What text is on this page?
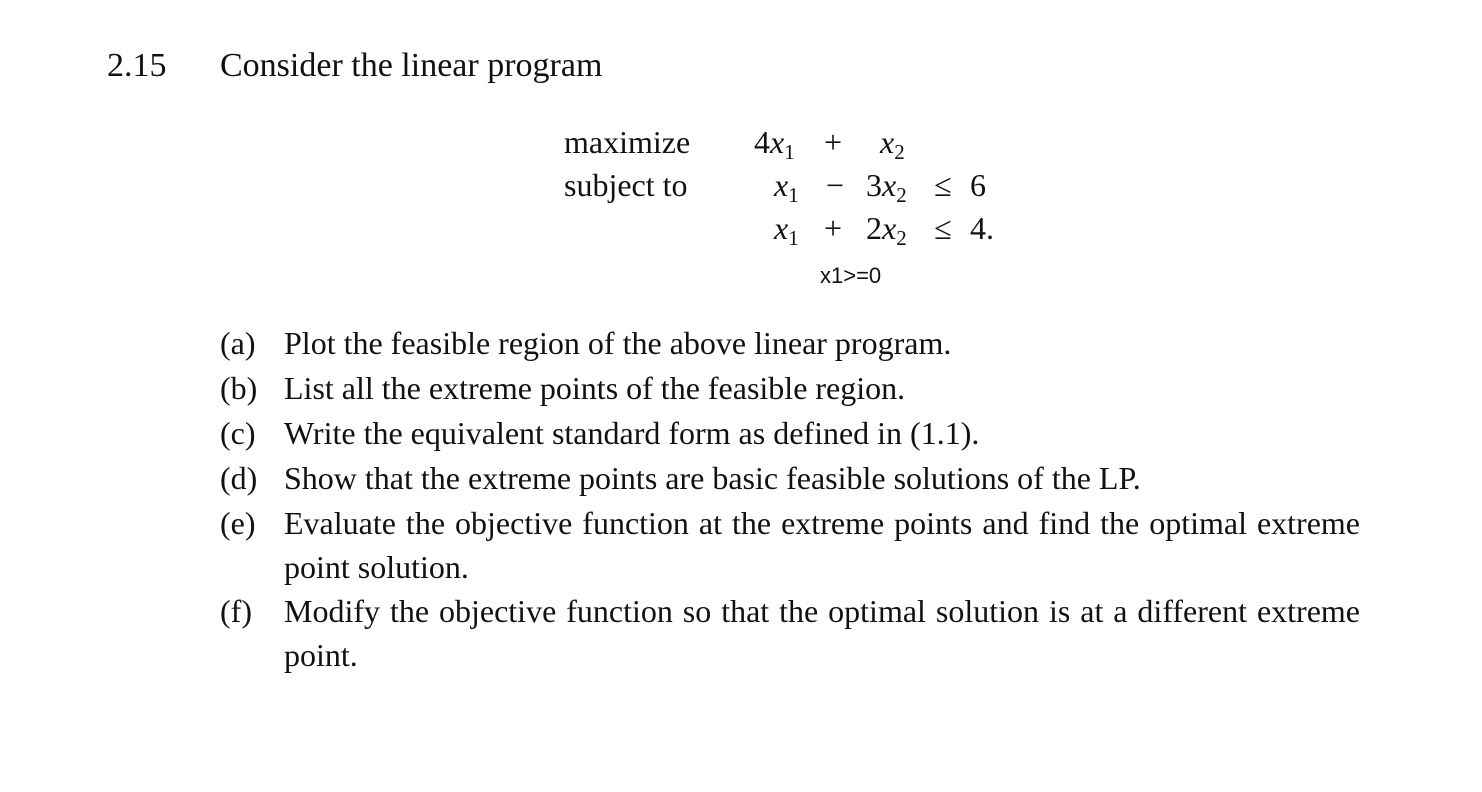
2.15 Consider the linear program
maximize
subject to
$4x_1 + x_2$
$x_1 - 3x_2 \le 6$
$x_1 + 2x_2 \le 4$.
x1>=0
(a) Plot the feasible region of the above linear program.
(b) List all the extreme points of the feasible region.
(c) Write the equivalent standard form as defined in (1.1).
(d) Show that the extreme points are basic feasible solutions of the LP.
(e) Evaluate the objective function at the extreme points and find the optimal extreme point solution.
(f)	Modify the objective function so that the optimal solution is at a different extreme point.
